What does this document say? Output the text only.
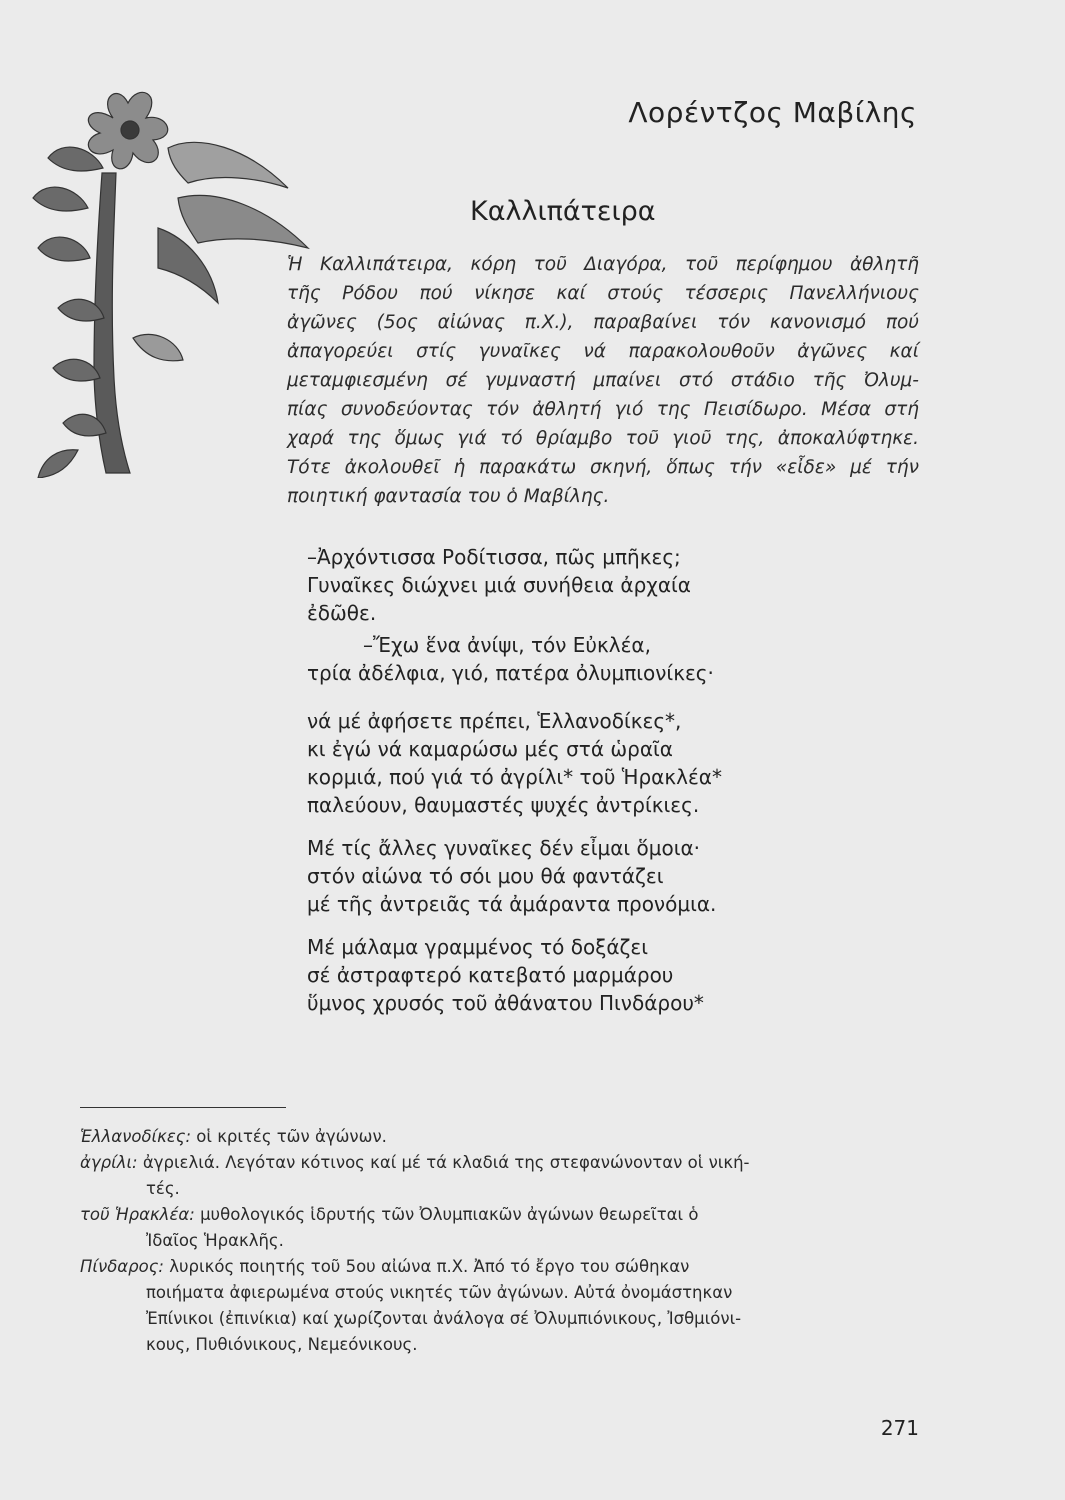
Λορέντζος Μαβίλης
Καλλιπάτειρα
Ἡ Καλλιπάτειρα, κόρη τοῦ Διαγόρα, τοῦ περίφημου ἀθλητῆ
τῆς Ρόδου πού νίκησε καί στούς τέσσερις Πανελλήνιους
ἀγῶνες (5ος αἰώνας π.Χ.), παραβαίνει τόν κανονισμό πού
ἀπαγορεύει στίς γυναῖκες νά παρακολουθοῦν ἀγῶνες καί
μεταμφιεσμένη σέ γυμναστή μπαίνει στό στάδιο τῆς Ὀλυμ-
πίας συνοδεύοντας τόν ἀθλητή γιό της Πεισίδωρο. Μέσα στή
χαρά της ὅμως γιά τό θρίαμβο τοῦ γιοῦ της, ἀποκαλύφτηκε.
Τότε ἀκολουθεῖ ἡ παρακάτω σκηνή, ὅπως τήν «εἶδε» μέ τήν
ποιητική φαντασία του ὁ Μαβίλης.
–Ἀρχόντισσα Ροδίτισσα, πῶς μπῆκες;
Γυναῖκες διώχνει μιά συνήθεια ἀρχαία
ἐδῶθε.
–Ἔχω ἕνα ἀνίψι, τόν Εὐκλέα,
τρία ἀδέλφια, γιό, πατέρα ὀλυμπιονίκες·
νά μέ ἀφήσετε πρέπει, Ἑλλανοδίκες*,
κι ἐγώ νά καμαρώσω μές στά ὡραῖα
κορμιά, πού γιά τό ἀγρίλι* τοῦ Ἡρακλέα*
παλεύουν, θαυμαστές ψυχές ἀντρίκιες.
Μέ τίς ἄλλες γυναῖκες δέν εἶμαι ὅμοια·
στόν αἰώνα τό σόι μου θά φαντάζει
μέ τῆς ἀντρειᾶς τά ἀμάραντα προνόμια.
Μέ μάλαμα γραμμένος τό δοξάζει
σέ ἀστραφτερό κατεβατό μαρμάρου
ὕμνος χρυσός τοῦ ἀθάνατου Πινδάρου*
Ἑλλανοδίκες: οἱ κριτές τῶν ἀγώνων.
ἀγρίλι: ἀγριελιά. Λεγόταν κότινος καί μέ τά κλαδιά της στεφανώνονταν οἱ νική-
τές.
τοῦ Ἡρακλέα: μυθολογικός ἱδρυτής τῶν Ὀλυμπιακῶν ἀγώνων θεωρεῖται ὁ
Ἰδαῖος Ἡρακλῆς.
Πίνδαρος: λυρικός ποιητής τοῦ 5ου αἰώνα π.Χ. Ἀπό τό ἔργο του σώθηκαν
ποιήματα ἀφιερωμένα στούς νικητές τῶν ἀγώνων. Αὐτά ὀνομάστηκαν
Ἐπίνικοι (ἐπινίκια) καί χωρίζονται ἀνάλογα σέ Ὀλυμπιόνικους, Ἰσθμιόνι-
κους, Πυθιόνικους, Νεμεόνικους.
271
